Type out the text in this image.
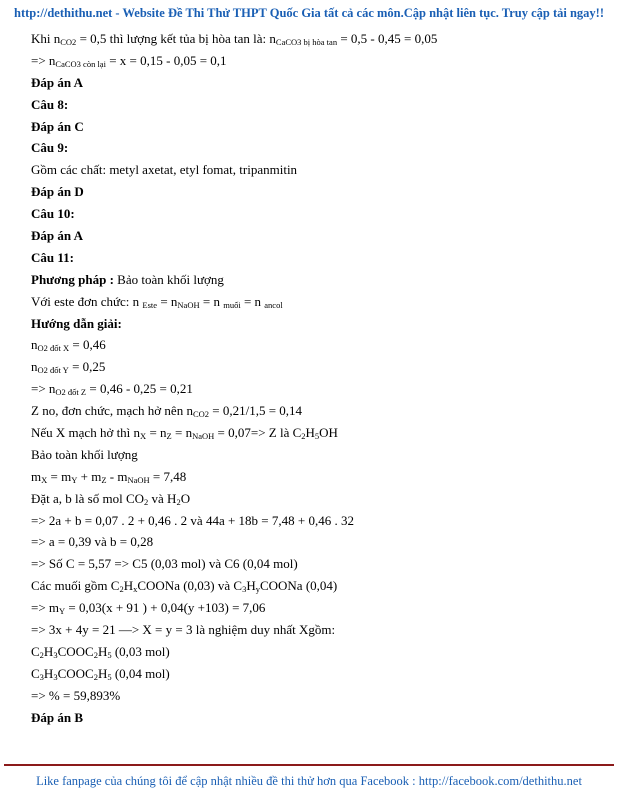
http://dethithu.net - Website Đề Thi Thử THPT Quốc Gia tất cả các môn.Cập nhật liên tục. Truy cập tải ngay!!
Khi $n_{CO2} = 0,5$ thì lượng kết tủa bị hòa tan là: $n_{CaCO3 bị hòa tan} = 0,5 - 0,45 = 0,05$
=> $n_{CaCO3 còn lại} = x = 0,15 - 0,05 = 0,1$
Đáp án A
Câu 8:
Đáp án C
Câu 9:
Gồm các chất: metyl axetat, etyl fomat, tripanmitin
Đáp án D
Câu 10:
Đáp án A
Câu 11:
Phương pháp : Bảo toàn khối lượng
Với este đơn chức: n $_{Este} = n_{NaOH} = n$ $_{muối}$ = n $_{ancol}$
Hướng dẫn giải:
$n_{O2 đốt X} = 0,46$
$n_{O2 đốt Y} = 0,25$
=> $n_{O2 đốt Z} = 0,46 - 0,25 = 0,21$
Z no, đơn chức, mạch hở nên $n_{CO2} = 0,21/1,5 = 0,14$
Nếu X mạch hở thì $n_X = n_Z = n_{NaOH} = 0,07=> Z$ là $C_2H_5OH$
Bảo toàn khối lượng
$m_X = m_Y + m_Z - m_{NaOH} = 7,48$
Đặt a, b là số mol $CO_2$ và $H_2O$
=> 2a + b = 0,07 . 2 + 0,46 . 2 và 44a + 18b = 7,48 + 0,46 . 32
=> a = 0,39 và b = 0,28
=> Số C = 5,57 => C5 (0,03 mol) và C6 (0,04 mol)
Các muối gồm $C_2H_xCOONa$ (0,03) và $C_3H_yCOONa$ (0,04)
=> $m_Y = 0,03(x + 91$ ) + 0,04(y +103) = 7,06
=> 3x + 4y = 21 —> X = y = 3 là nghiệm duy nhất Xgồm:
$C_2H_3COOC_2H_5$ (0,03 mol)
$C_3H_3COOC_2H_5$ (0,04 mol)
=> % = 59,893%
Đáp án B
Like fanpage của chúng tôi để cập nhật nhiều đề thi thử hơn qua Facebook : http://facebook.com/dethithu.net
